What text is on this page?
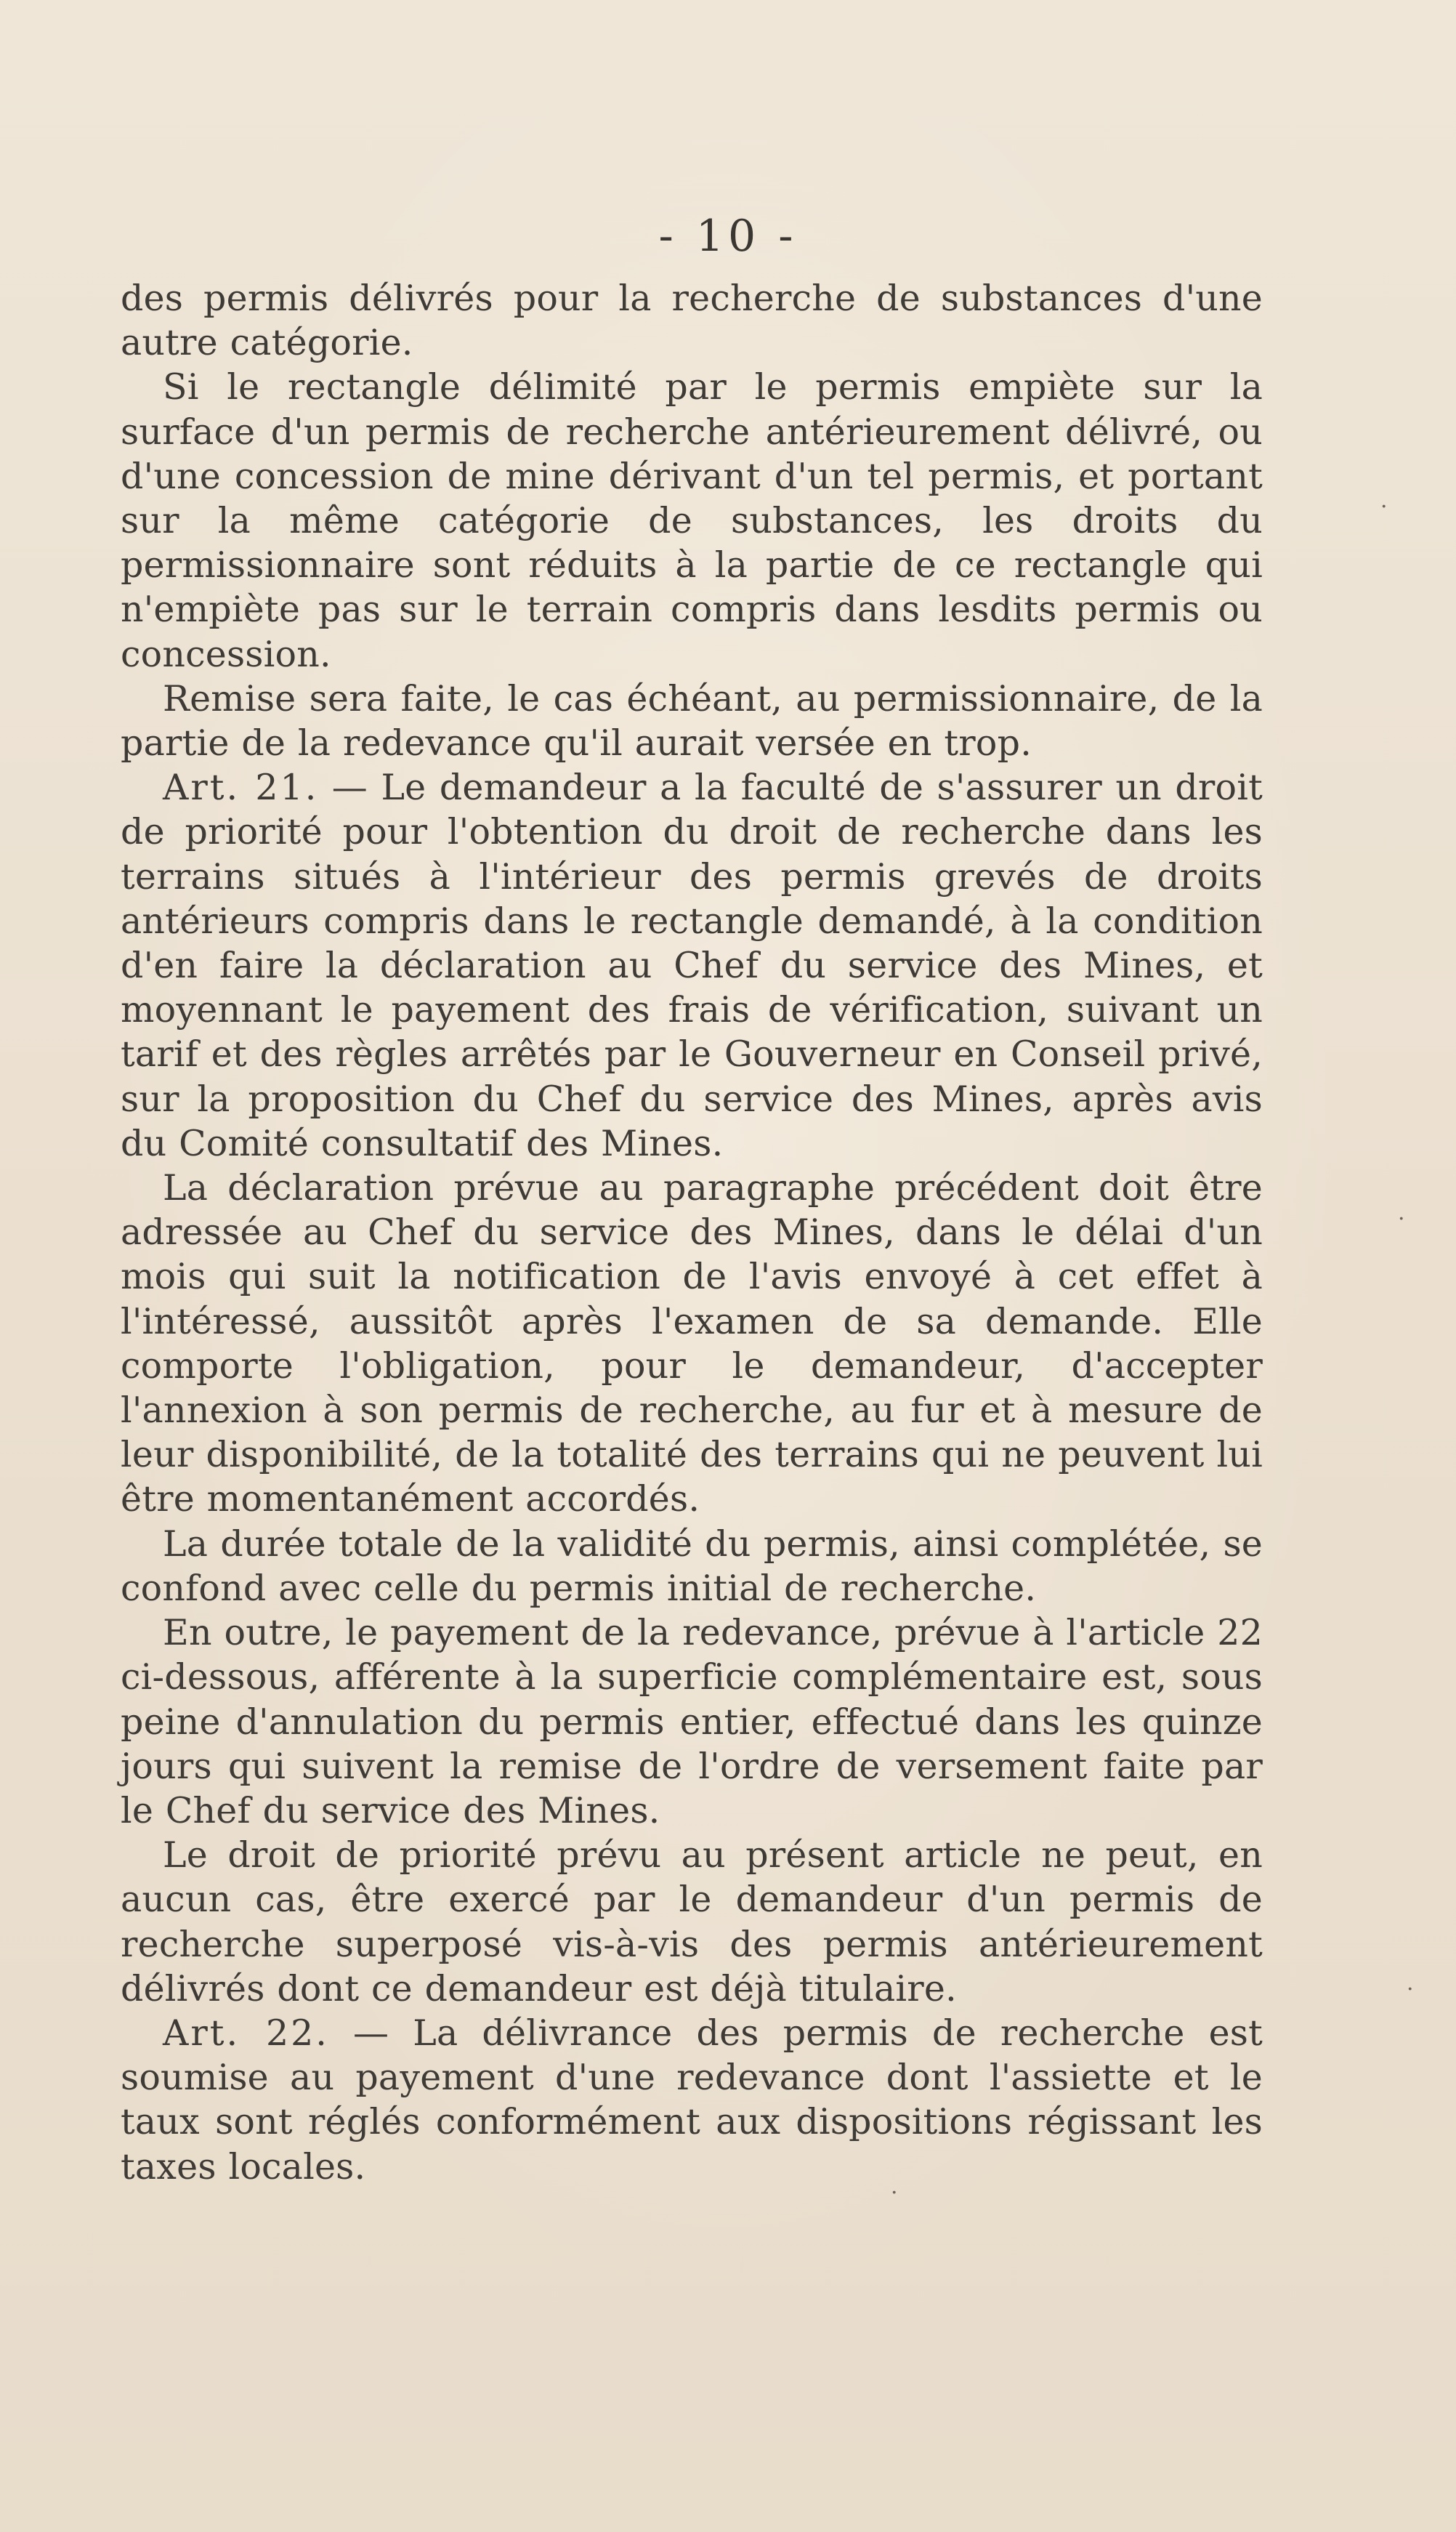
- 10 -

des permis délivrés pour la recherche de substances d'une autre catégorie.

Si le rectangle délimité par le permis empiète sur la surface d'un permis de recherche antérieurement délivré, ou d'une concession de mine dérivant d'un tel permis, et portant sur la même catégorie de substances, les droits du permissionnaire sont réduits à la partie de ce rectangle qui n'empiète pas sur le terrain compris dans lesdits permis ou concession.

Remise sera faite, le cas échéant, au permissionnaire, de la partie de la redevance qu'il aurait versée en trop.

Art. 21. — Le demandeur a la faculté de s'assurer un droit de priorité pour l'obtention du droit de recherche dans les terrains situés à l'intérieur des permis grevés de droits antérieurs compris dans le rectangle demandé, à la condition d'en faire la déclaration au Chef du service des Mines, et moyennant le payement des frais de vérification, suivant un tarif et des règles arrêtés par le Gouverneur en Conseil privé, sur la proposition du Chef du service des Mines, après avis du Comité consultatif des Mines.

La déclaration prévue au paragraphe précédent doit être adressée au Chef du service des Mines, dans le délai d'un mois qui suit la notification de l'avis envoyé à cet effet à l'intéressé, aussitôt après l'examen de sa demande. Elle comporte l'obligation, pour le demandeur, d'accepter l'annexion à son permis de recherche, au fur et à mesure de leur disponibilité, de la totalité des terrains qui ne peuvent lui être momentanément accordés.

La durée totale de la validité du permis, ainsi complétée, se confond avec celle du permis initial de recherche.

En outre, le payement de la redevance, prévue à l'article 22 ci-dessous, afférente à la superficie complémentaire est, sous peine d'annulation du permis entier, effectué dans les quinze jours qui suivent la remise de l'ordre de versement faite par le Chef du service des Mines.

Le droit de priorité prévu au présent article ne peut, en aucun cas, être exercé par le demandeur d'un permis de recherche superposé vis-à-vis des permis antérieurement délivrés dont ce demandeur est déjà titulaire.

Art. 22. — La délivrance des permis de recherche est soumise au payement d'une redevance dont l'assiette et le taux sont réglés conformément aux dispositions régissant les taxes locales.

·
·
·
·
